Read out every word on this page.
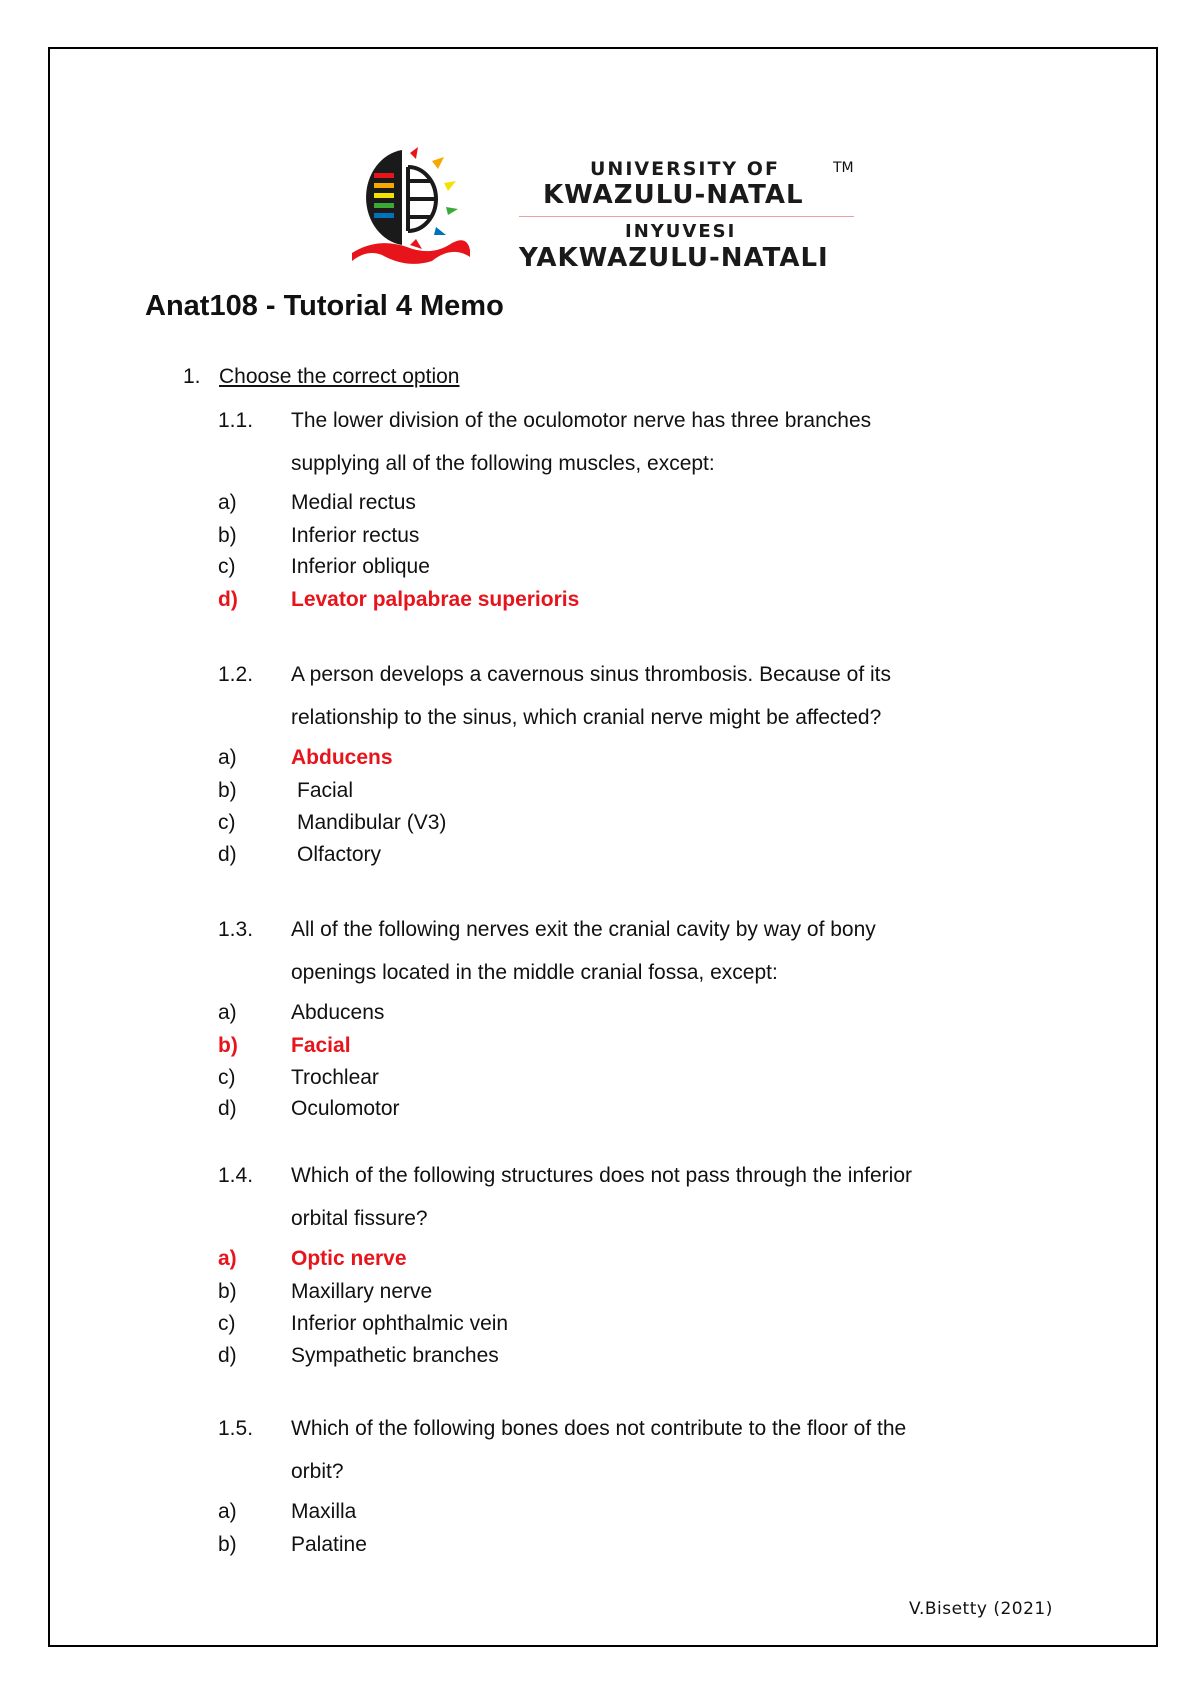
UNIVERSITY OF	TM
KWAZULU-NATAL
INYUVESI
YAKWAZULU-NATALI
Anat108 - Tutorial 4 Memo
1. Choose the correct option
1.1. The lower division of the oculomotor nerve has three branches
supplying all of the following muscles, except:
a)	Medial rectus
b)	Inferior rectus
c)	Inferior oblique
d)	Levator palpabrae superioris
1.2. A person develops a cavernous sinus thrombosis. Because of its
relationship to the sinus, which cranial nerve might be affected?
a)	Abducens
b)	Facial
c)	Mandibular (V3)
d)	Olfactory
1.3. All of the following nerves exit the cranial cavity by way of bony
openings located in the middle cranial fossa, except:
a)	Abducens
b)	Facial
c)	Trochlear
d)	Oculomotor
1.4. Which of the following structures does not pass through the inferior
orbital fissure?
a)	Optic nerve
b)	Maxillary nerve
c)	Inferior ophthalmic vein
d)	Sympathetic branches
1.5. Which of the following bones does not contribute to the floor of the
orbit?
a)	Maxilla
b)	Palatine
V.Bisetty (2021)
